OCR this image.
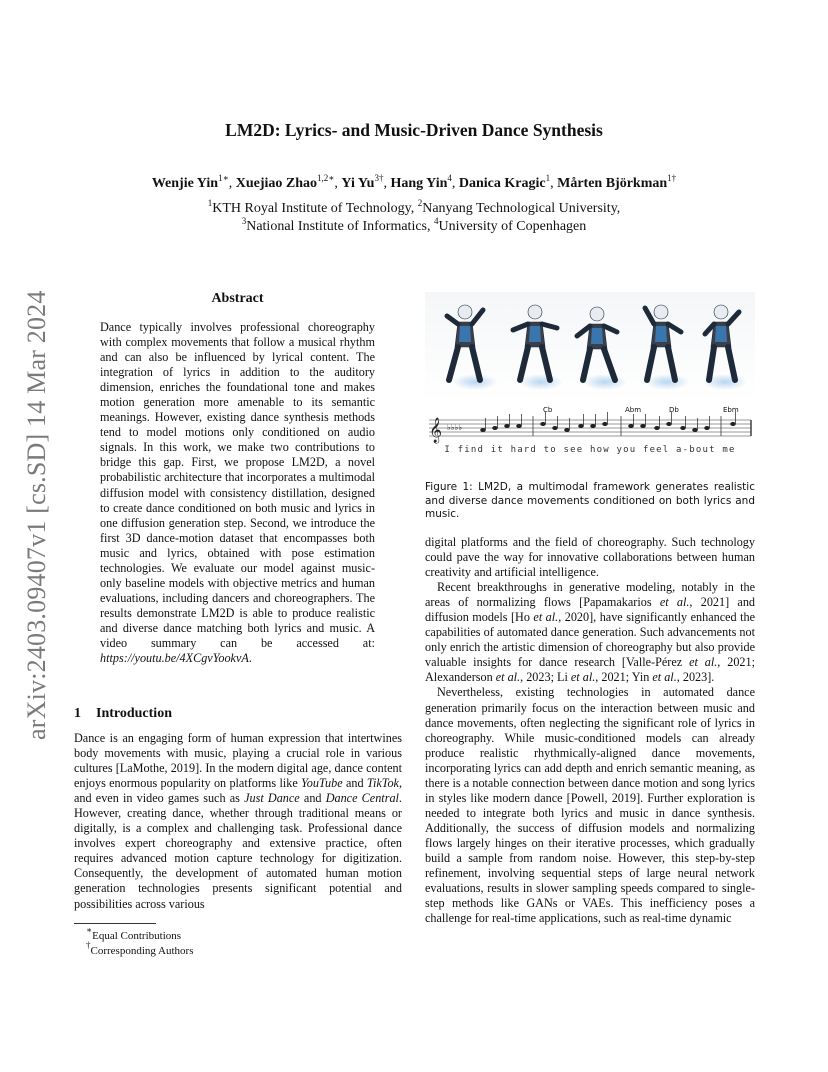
arXiv:2403.09407v1 [cs.SD] 14 Mar 2024
LM2D: Lyrics- and Music-Driven Dance Synthesis
Wenjie Yin$^{1∗}$, Xuejiao Zhao$^{1,2∗}$, Yi $Yu^{3\dagger}$, Hang Yin$^4$, Danica Kragic$^1$, Mårten Björkman$^{1\dagger}$
$^1$KTH Royal Institute of Technology, $^2$Nanyang Technological University,
$^3$National Institute of Informatics, $^4$University of Copenhagen
Abstract
Dance typically involves professional choreography with complex movements that follow a musical rhythm and can also be influenced by lyrical content. The integration of lyrics in addition to the auditory dimension, enriches the foundational tone and makes motion generation more amenable to its semantic meanings. However, existing dance synthesis methods tend to model motions only conditioned on audio signals. In this work, we make two contributions to bridge this gap. First, we propose LM2D, a novel probabilistic architecture that incorporates a multimodal diffusion model with consistency distillation, designed to create dance conditioned on both music and lyrics in one diffusion generation step. Second, we introduce the first 3D dance-motion dataset that encompasses both music and lyrics, obtained with pose estimation technologies. We evaluate our model against music-only baseline models with objective metrics and human evaluations, including dancers and choreographers. The results demonstrate LM2D is able to produce realistic and diverse dance matching both lyrics and music. A video summary can be accessed at: https://youtu.be/4XCgvYookvA.
1 Introduction
Dance is an engaging form of human expression that intertwines body movements with music, playing a crucial role in various cultures [LaMothe, 2019]. In the modern digital age, dance content enjoys enormous popularity on platforms like YouTube and TikTok, and even in video games such as Just Dance and Dance Central. However, creating dance, whether through traditional means or digitally, is a complex and challenging task. Professional dance involves expert choreography and extensive practice, often requires advanced motion capture technology for digitization. Consequently, the development of automated human motion generation technologies presents significant potential and possibilities across various
∗Equal Contributions
†Corresponding Authors
𝄞 ♭♭♭♭
Cb	Abm	Db	Ebm
I find it hard to see how you feel a-bout me
Figure 1: LM2D, a multimodal framework generates realistic and diverse dance movements conditioned on both lyrics and music.

digital platforms and the field of choreography. Such technology could pave the way for innovative collaborations between human creativity and artificial intelligence.

Recent breakthroughs in generative modeling, notably in the areas of normalizing flows [Papamakarios et al., 2021] and diffusion models [Ho et al., 2020], have significantly enhanced the capabilities of automated dance generation. Such advancements not only enrich the artistic dimension of choreography but also provide valuable insights for dance research [Valle-Pérez et al., 2021; Alexanderson et al., 2023; Li et al., 2021; Yin et al., 2023].

Nevertheless, existing technologies in automated dance generation primarily focus on the interaction between music and dance movements, often neglecting the significant role of lyrics in choreography. While music-conditioned models can already produce realistic rhythmically-aligned dance movements, incorporating lyrics can add depth and enrich semantic meaning, as there is a notable connection between dance motion and song lyrics in styles like modern dance [Powell, 2019]. Further exploration is needed to integrate both lyrics and music in dance synthesis. Additionally, the success of diffusion models and normalizing flows largely hinges on their iterative processes, which gradually build a sample from random noise. However, this step-by-step refinement, involving sequential steps of large neural network evaluations, results in slower sampling speeds compared to single-step methods like GANs or VAEs. This inefficiency poses a challenge for real-time applications, such as real-time dynamic
